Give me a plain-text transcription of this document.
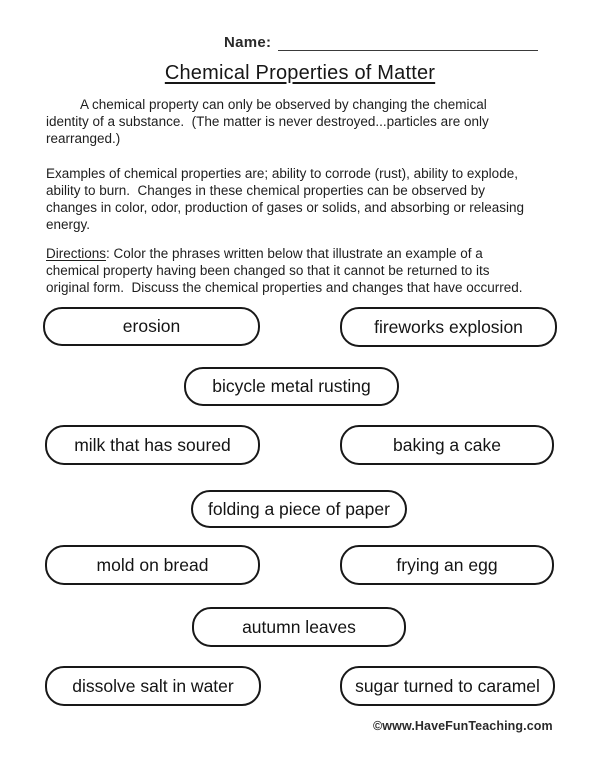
Name:
Chemical Properties of Matter

A chemical property can only be observed by changing the chemical identity of a substance.  (The matter is never destroyed...particles are only rearranged.)

Examples of chemical properties are; ability to corrode (rust), ability to explode, ability to burn.  Changes in these chemical properties can be observed by changes in color, odor, production of gases or solids, and absorbing or releasing energy.

Directions: Color the phrases written below that illustrate an example of a chemical property having been changed so that it cannot be returned to its original form.  Discuss the chemical properties and changes that have occurred.

erosion	fireworks explosion
bicycle metal rusting
milk that has soured	baking a cake
folding a piece of paper
mold on bread	frying an egg
autumn leaves
dissolve salt in water	sugar turned to caramel
©www.HaveFunTeaching.com
